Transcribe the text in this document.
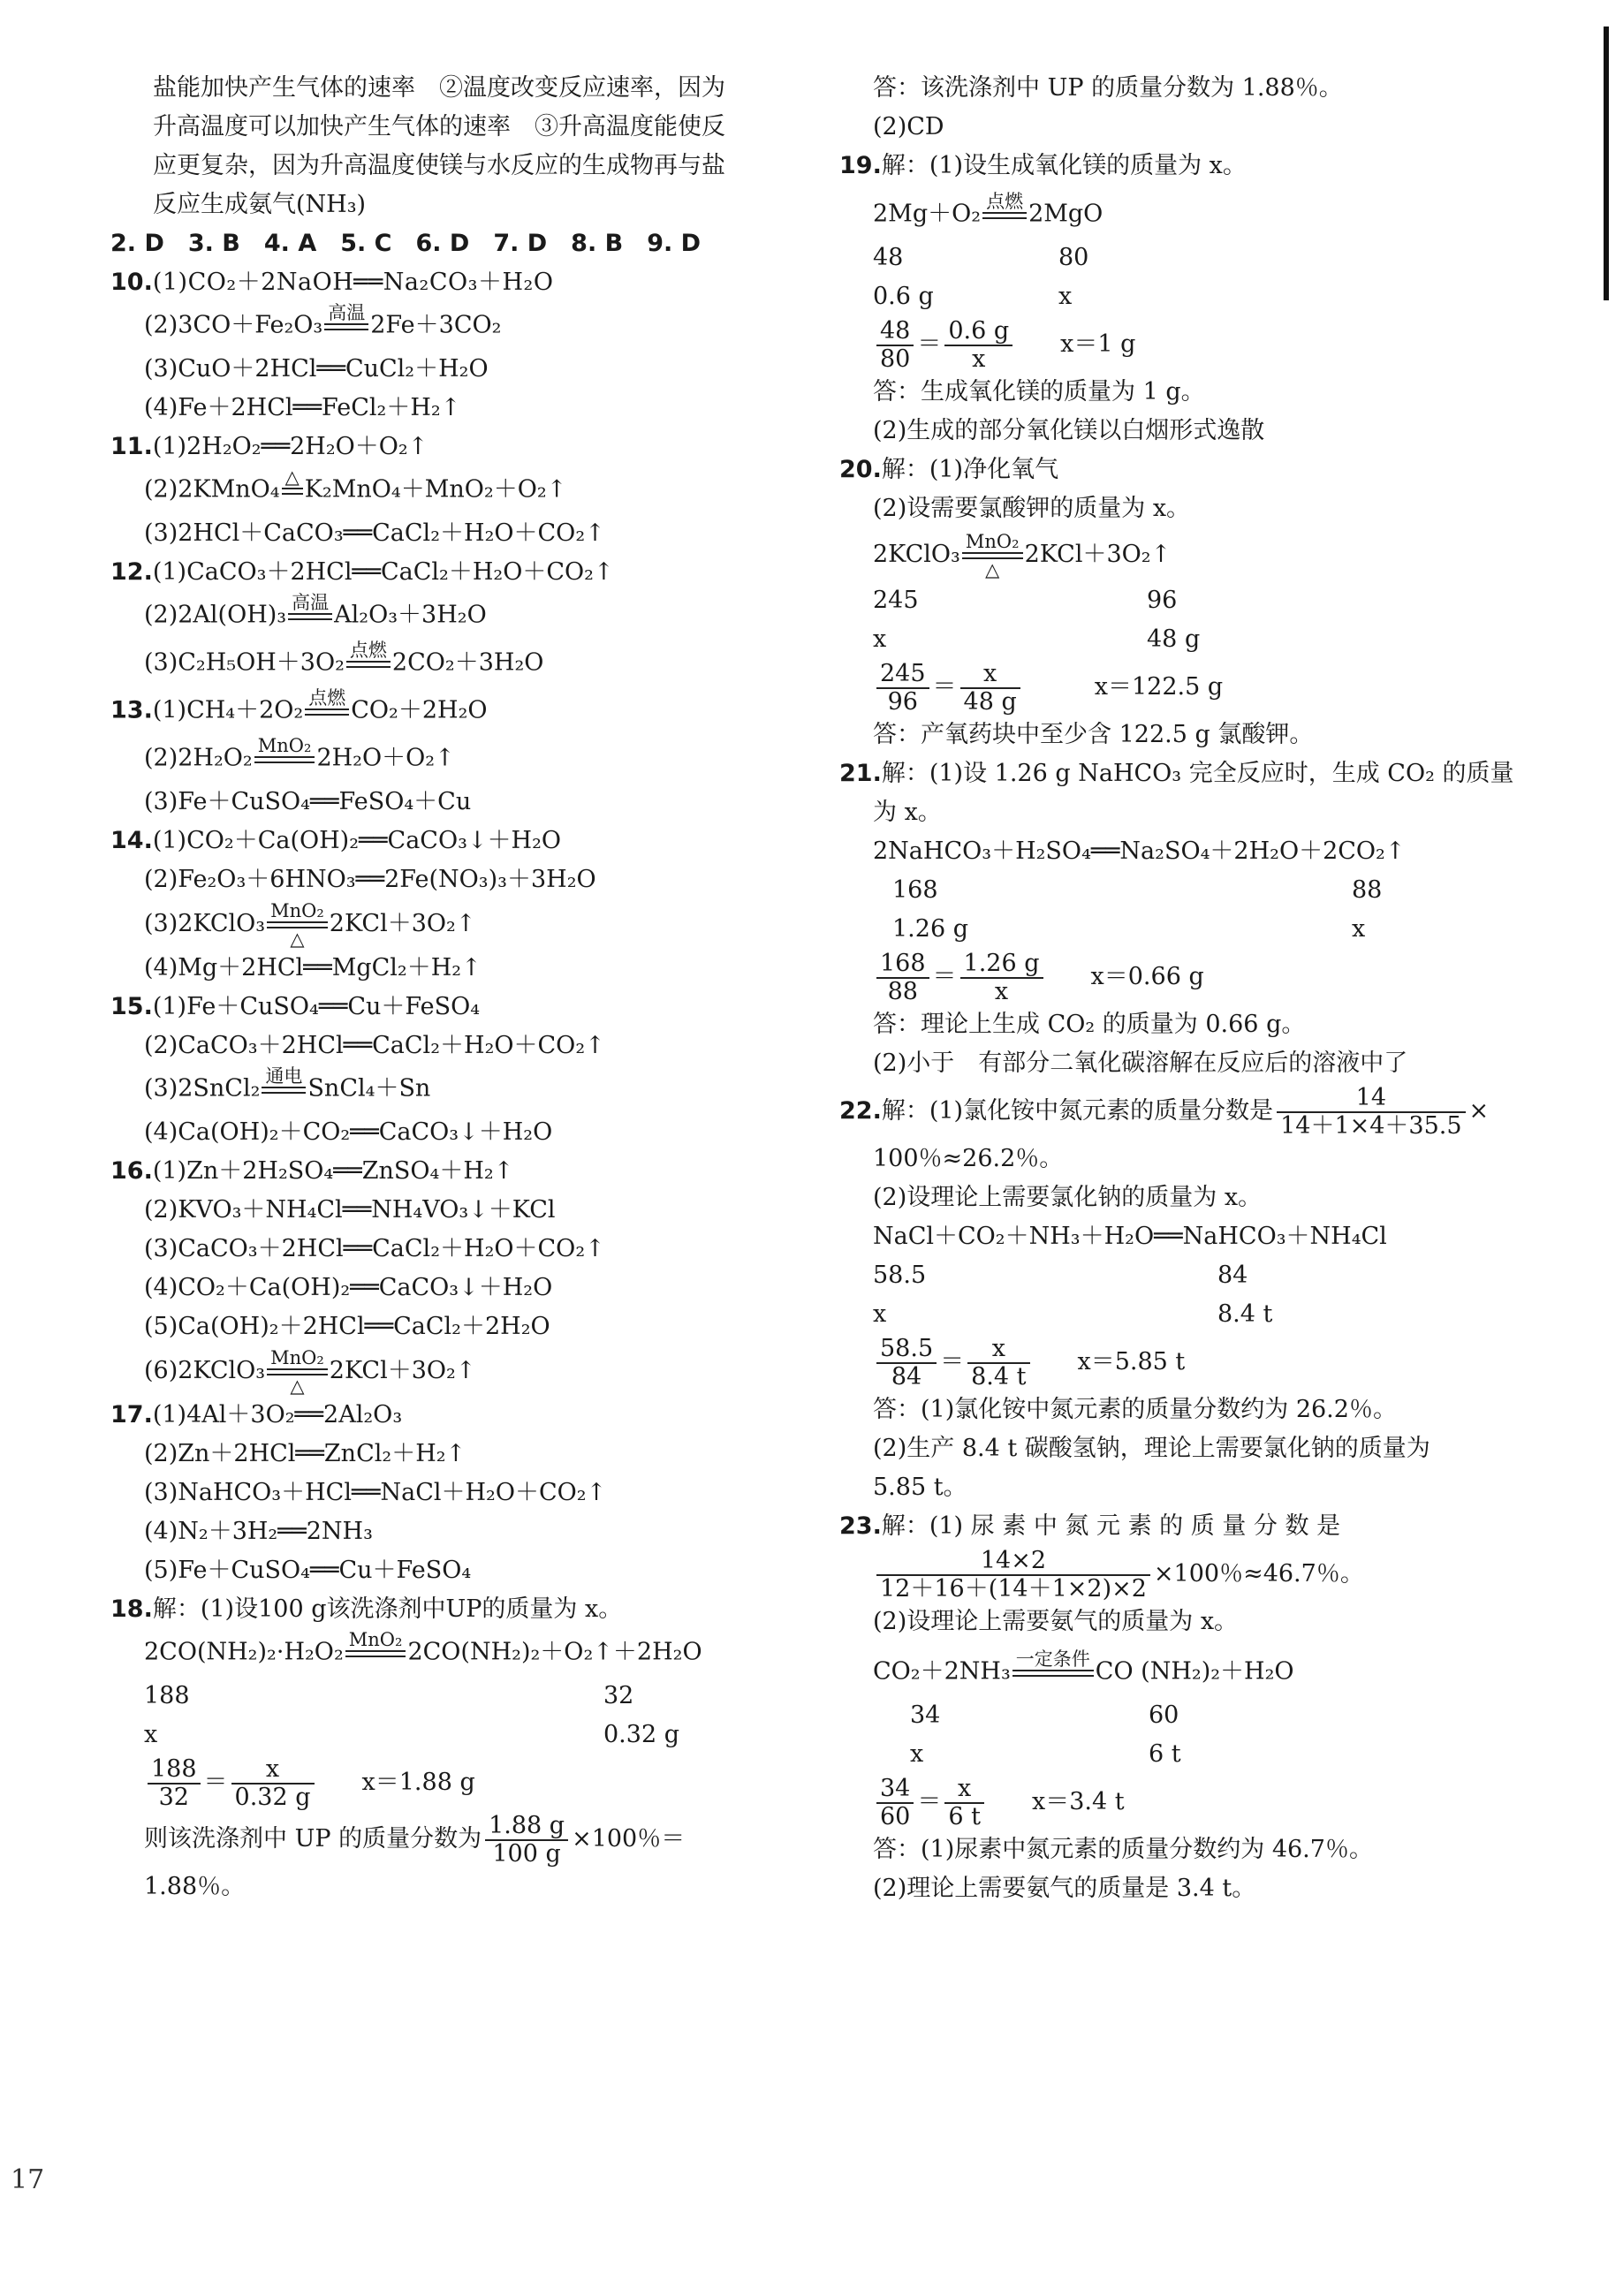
盐能加快产生气体的速率　②温度改变反应速率，因为
升高温度可以加快产生气体的速率　③升高温度能使反
应更复杂，因为升高温度使镁与水反应的生成物再与盐
反应生成氨气(NH₃)
2. D　3. B　4. A　5. C　6. D　7. D　8. B　9. D
10.(1)CO₂＋2NaOH══Na₂CO₃＋H₂O
(2)3CO＋Fe₂O₃ 高温 2Fe＋3CO₂
(3)CuO＋2HCl══CuCl₂＋H₂O
(4)Fe＋2HCl══FeCl₂＋H₂↑
11.(1)2H₂O₂══2H₂O＋O₂↑
(2)2KMnO₄ △ K₂MnO₄＋MnO₂＋O₂↑
(3)2HCl＋CaCO₃══CaCl₂＋H₂O＋CO₂↑
12.(1)CaCO₃＋2HCl══CaCl₂＋H₂O＋CO₂↑
(2)2Al(OH)₃ 高温 Al₂O₃＋3H₂O
(3)C₂H₅OH＋3O₂ 点燃 2CO₂＋3H₂O
13.(1)CH₄＋2O₂ 点燃 CO₂＋2H₂O
(2)2H₂O₂ MnO₂ 2H₂O＋O₂↑
(3)Fe＋CuSO₄══FeSO₄＋Cu
14.(1)CO₂＋Ca(OH)₂══CaCO₃↓＋H₂O
(2)Fe₂O₃＋6HNO₃══2Fe(NO₃)₃＋3H₂O
(3)2KClO₃ MnO₂
△
2KCl＋3O₂↑
(4)Mg＋2HCl══MgCl₂＋H₂↑
15.(1)Fe＋CuSO₄══Cu＋FeSO₄
(2)CaCO₃＋2HCl══CaCl₂＋H₂O＋CO₂↑
(3)2SnCl₂ 通电 SnCl₄＋Sn
(4)Ca(OH)₂＋CO₂══CaCO₃↓＋H₂O
16.(1)Zn＋2H₂SO₄══ZnSO₄＋H₂↑
(2)KVO₃＋NH₄Cl══NH₄VO₃↓＋KCl
(3)CaCO₃＋2HCl══CaCl₂＋H₂O＋CO₂↑
(4)CO₂＋Ca(OH)₂══CaCO₃↓＋H₂O
(5)Ca(OH)₂＋2HCl══CaCl₂＋2H₂O
(6)2KClO₃ MnO₂
△
2KCl＋3O₂↑
17.(1)4Al＋3O₂══2Al₂O₃
(2)Zn＋2HCl══ZnCl₂＋H₂↑
(3)NaHCO₃＋HCl══NaCl＋H₂O＋CO₂↑
(4)N₂＋3H₂══2NH₃
(5)Fe＋CuSO₄══Cu＋FeSO₄
18.解：(1)设100 g该洗涤剂中UP的质量为 x。
2CO(NH₂)₂·H₂O₂ MnO₂ 2CO(NH₂)₂＋O₂↑＋2H₂O
188	32
x	0.32 g
$\frac{188}{32} = \frac{x}{0.32 g} x=1.88$ g
则该洗涤剂中 UP 的质量分数为 $\frac{1.88 g}{100 g} \times 100$％＝
1.88％。
17
答：该洗涤剂中 UP 的质量分数为 1.88％。
(2)CD
19.解：(1)设生成氧化镁的质量为 x。
2Mg＋O₂ 点燃 2MgO
48	80
0.6 g	x
$\frac{48}{80} = \frac{0.6 g}{x} x=1$ g
答：生成氧化镁的质量为 1 g。
(2)生成的部分氧化镁以白烟形式逸散
20.解：(1)净化氧气
(2)设需要氯酸钾的质量为 x。
2KClO₃ MnO₂
△
2KCl＋3O₂↑
245	96
x	48 g
$\frac{245}{96} = \frac{x}{48 g}$	x＝122.5 g
答：产氧药块中至少含 122.5 g 氯酸钾。
21.解：(1)设 1.26 g NaHCO₃ 完全反应时，生成 CO₂ 的质量
为 x。
2NaHCO₃＋H₂SO₄══Na₂SO₄＋2H₂O＋2CO₂↑
168	88
1.26 g	x
$\frac{168}{88} = \frac{1.26 g}{x} x=0.66$ g
答：理论上生成 CO₂ 的质量为 0.66 g。
(2)小于　有部分二氧化碳溶解在反应后的溶液中了
22.解：(1)氯化铵中氮元素的质量分数是 $\frac{14}{14+1\times 4+35.5}$ ×
100％≈26.2％。
(2)设理论上需要氯化钠的质量为 x。
NaCl＋CO₂＋NH₃＋H₂O══NaHCO₃＋NH₄Cl
58.5	84
x	8.4 t
$\frac{58.5}{84} = \frac{x}{8.4 t} x=5.85$ t
答：(1)氯化铵中氮元素的质量分数约为 26.2％。
(2)生产 8.4 t 碳酸氢钠，理论上需要氯化钠的质量为
5.85 t。
23.解：(1) 尿 素 中 氮 元 素 的 质 量 分 数 是
$\frac{14\times 2}{12+16+(14+1\times 2)\times 2} \times 100$％≈46.7％。
(2)设理论上需要氨气的质量为 x。
CO₂＋2NH₃ 一定条件 CO (NH₂)₂＋H₂O
34	60
x	6 t
$\frac{34}{60} = \frac{x}{6 t} x=3.4$ t
答：(1)尿素中氮元素的质量分数约为 46.7％。
(2)理论上需要氨气的质量是 3.4 t。
